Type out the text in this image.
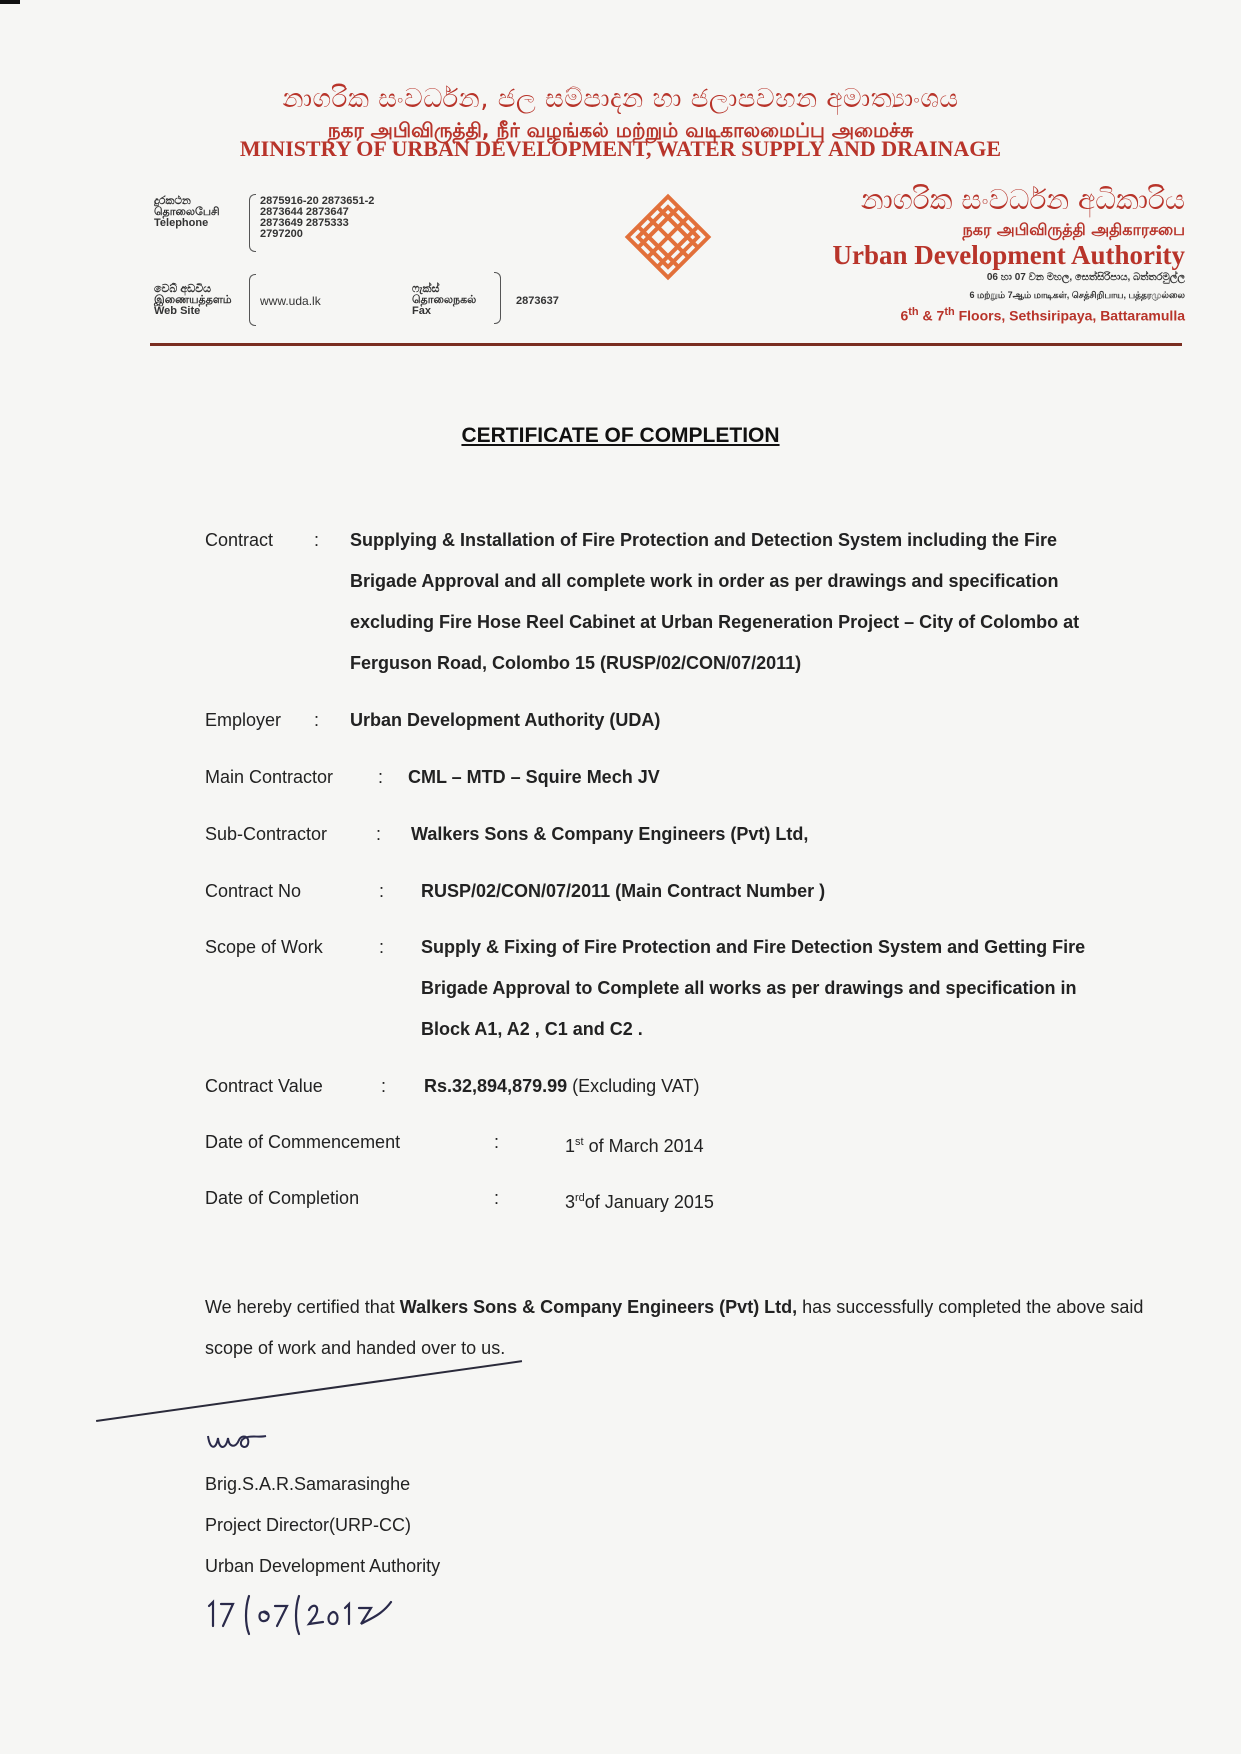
නාගරික සංවර්ධන, ජල සම්පාදන හා ජලාපවහන අමාත්‍යාංශය
நகர அபிவிருத்தி, நீர் வழங்கல் மற்றும் வடிகாலமைப்பு அமைச்சு
MINISTRY OF URBAN DEVELOPMENT, WATER SUPPLY AND DRAINAGE
දුරකථන
தொலைபேசி
Telephone
2875916-20 2873651-2
2873644 2873647
2873649 2875333
2797200
වෙබ් අඩවිය
இணையத்தளம்
Web Site
www.uda.lk
ෆැක්ස්
தொலைநகல்
Fax
2873637
නාගරික සංවර්ධන අධිකාරිය
நகர அபிவிருத்தி அதிகாரசபை
Urban Development Authority
06 හා 07 වන මහල, සෙත්සිරිපාය, බත්තරමුල්ල
6 மற்றும் 7ஆம் மாடிகள், செத்சிறிபாய, பத்தரமுல்லை
6th & 7th Floors, Sethsiripaya, Battaramulla
CERTIFICATE OF COMPLETION
Contract : Supplying & Installation of Fire Protection and Detection System including the Fire
Brigade Approval and all complete work in order as per drawings and specification
excluding Fire Hose Reel Cabinet at Urban Regeneration Project – City of Colombo at
Ferguson Road, Colombo 15 (RUSP/02/CON/07/2011)
Employer : Urban Development Authority (UDA)
Main Contractor : CML – MTD – Squire Mech JV
Sub-Contractor	: Walkers Sons & Company Engineers (Pvt) Ltd,
Contract No	: RUSP/02/CON/07/2011 (Main Contract Number )
Scope of Work	: Supply & Fixing of Fire Protection and Fire Detection System and Getting Fire
Brigade Approval to Complete all works as per drawings and specification in
Block A1, A2 , C1 and C2 .
Contract Value	: Rs.32,894,879.99 (Excluding VAT)
Date of Commencement	:	1st of March 2014
Date of Completion	:	3rdof January 2015
We hereby certified that Walkers Sons & Company Engineers (Pvt) Ltd, has successfully completed the above said scope of work and handed over to us.
Brig.S.A.R.Samarasinghe
Project Director(URP-CC)
Urban Development Authority
